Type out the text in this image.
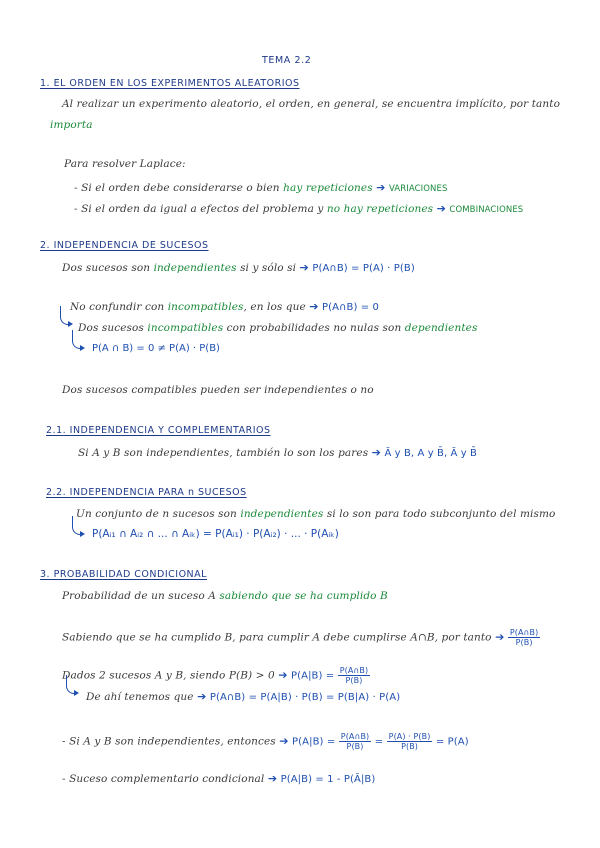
TEMA 2.2
1. EL ORDEN EN LOS EXPERIMENTOS ALEATORIOS
Al realizar un experimento aleatorio, el orden, en general, se encuentra implícito, por tanto
importa
Para resolver Laplace:
- Si el orden debe considerarse o bien hay repeticiones ➔ VARIACIONES
- Si el orden da igual a efectos del problema y no hay repeticiones ➔ COMBINACIONES
2. INDEPENDENCIA DE SUCESOS
Dos sucesos son independientes si y sólo si ➔ P(A∩B) = P(A) · P(B)
No confundir con incompatibles, en los que ➔ P(A∩B) = 0
Dos sucesos incompatibles con probabilidades no nulas son dependientes
P(A ∩ B) = 0 ≠ P(A) · P(B)
Dos sucesos compatibles pueden ser independientes o no
2.1. INDEPENDENCIA Y COMPLEMENTARIOS
Si A y B son independientes, también lo son los pares ➔ Ā y B, A y B̄, Ā y B̄
2.2. INDEPENDENCIA PARA n SUCESOS
Un conjunto de n sucesos son independientes si lo son para todo subconjunto del mismo
P(Aᵢ₁ ∩ Aᵢ₂ ∩ ... ∩ Aᵢₖ) = P(Aᵢ₁) · P(Aᵢ₂) · ... · P(Aᵢₖ)
3. PROBABILIDAD CONDICIONAL
Probabilidad de un suceso A sabiendo que se ha cumplido B
Sabiendo que se ha cumplido B, para cumplir A debe cumplirse A∩B, por tanto ➔ $\frac{P(A\cap B)}{P(B)}$
Dados 2 sucesos A y B, siendo P(B) > 0 ➔ $P(A|B) = \frac{P(A\cap B)}{P(B)}$
De ahí tenemos que ➔ P(A∩B) = P(A|B) · P(B) = P(B|A) · P(A)
- Si A y B son independientes, entonces ➔ $P(A|B) = \frac{P(A\cap B)}{P(B)} = \frac{P(A) \cdot P(B)}{P(B)} = P(A)$
- Suceso complementario condicional ➔ P(A|B) = 1 - P(Ā|B)
